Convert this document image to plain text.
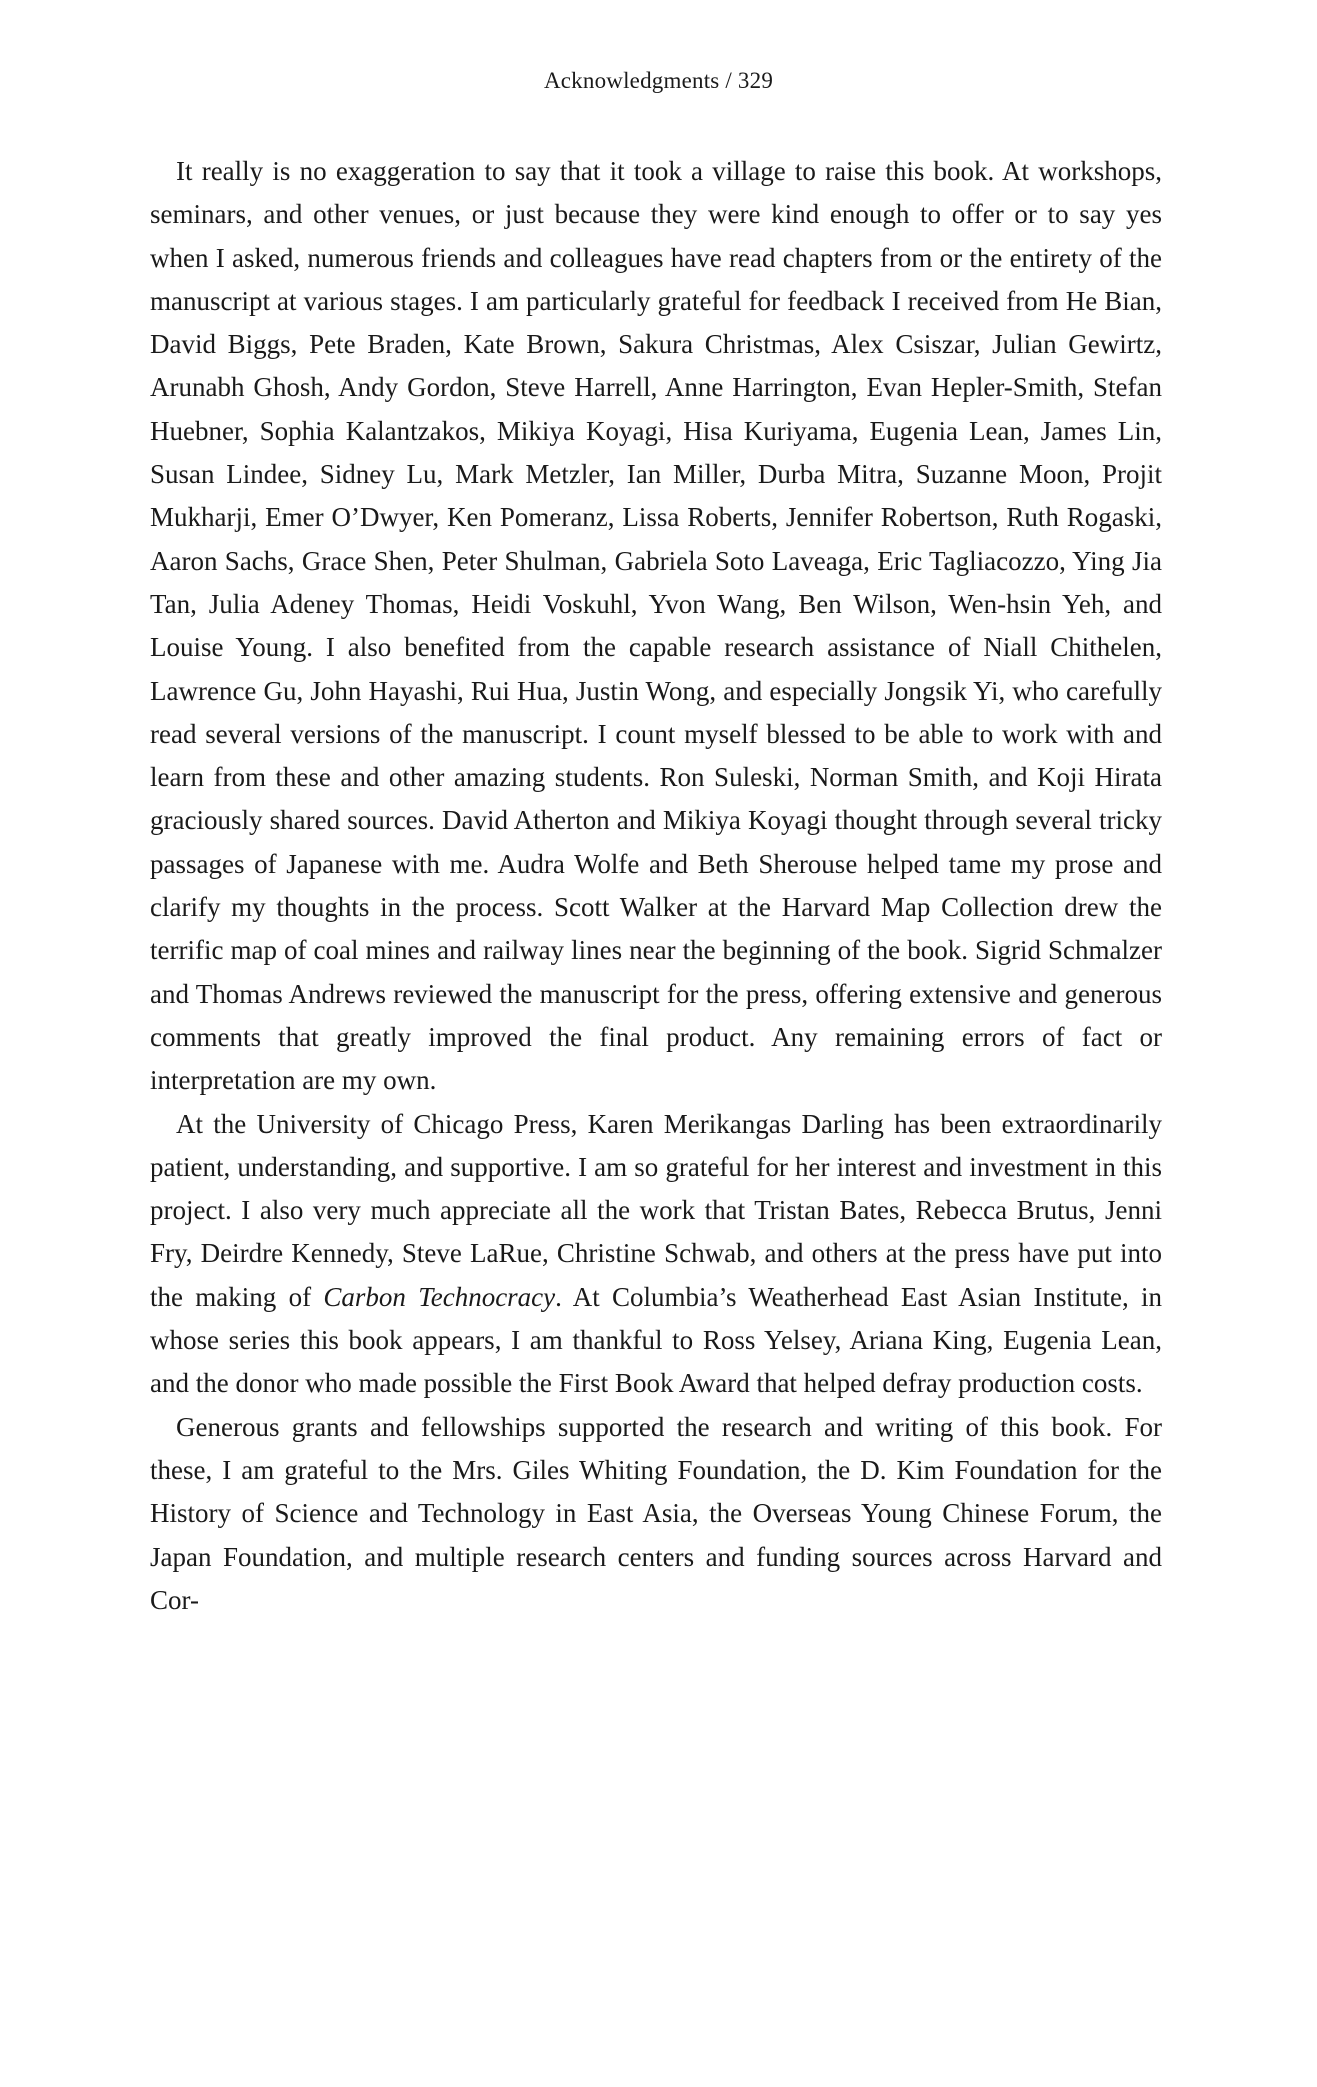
Acknowledgments / 329

It really is no exaggeration to say that it took a village to raise this book. At workshops, seminars, and other venues, or just because they were kind enough to offer or to say yes when I asked, numerous friends and colleagues have read chapters from or the entirety of the manuscript at various stages. I am particularly grateful for feedback I received from He Bian, David Biggs, Pete Braden, Kate Brown, Sakura Christmas, Alex Csiszar, Julian Gewirtz, Arunabh Ghosh, Andy Gordon, Steve Harrell, Anne Harrington, Evan Hepler-Smith, Stefan Huebner, Sophia Kalantzakos, Mikiya Koyagi, Hisa Kuriyama, Eugenia Lean, James Lin, Susan Lindee, Sidney Lu, Mark Metzler, Ian Miller, Durba Mitra, Suzanne Moon, Projit Mukharji, Emer O’Dwyer, Ken Pomeranz, Lissa Roberts, Jennifer Robertson, Ruth Rogaski, Aaron Sachs, Grace Shen, Peter Shulman, Gabriela Soto Laveaga, Eric Tagliacozzo, Ying Jia Tan, Julia Adeney Thomas, Heidi Voskuhl, Yvon Wang, Ben Wilson, Wen-hsin Yeh, and Louise Young. I also benefited from the capable research assistance of Niall Chithelen, Lawrence Gu, John Hayashi, Rui Hua, Justin Wong, and especially Jongsik Yi, who carefully read several versions of the manuscript. I count myself blessed to be able to work with and learn from these and other amazing students. Ron Suleski, Norman Smith, and Koji Hirata graciously shared sources. David Atherton and Mikiya Koyagi thought through several tricky passages of Japanese with me. Audra Wolfe and Beth Sherouse helped tame my prose and clarify my thoughts in the process. Scott Walker at the Harvard Map Collection drew the terrific map of coal mines and railway lines near the beginning of the book. Sigrid Schmalzer and Thomas Andrews reviewed the manuscript for the press, offering extensive and generous comments that greatly improved the final product. Any remaining errors of fact or interpretation are my own.

At the University of Chicago Press, Karen Merikangas Darling has been extraordinarily patient, understanding, and supportive. I am so grateful for her interest and investment in this project. I also very much appreciate all the work that Tristan Bates, Rebecca Brutus, Jenni Fry, Deirdre Kennedy, Steve LaRue, Christine Schwab, and others at the press have put into the making of Carbon Technocracy. At Columbia’s Weatherhead East Asian Institute, in whose series this book appears, I am thankful to Ross Yelsey, Ariana King, Eugenia Lean, and the donor who made possible the First Book Award that helped defray production costs.

Generous grants and fellowships supported the research and writing of this book. For these, I am grateful to the Mrs. Giles Whiting Foundation, the D. Kim Foundation for the History of Science and Technology in East Asia, the Overseas Young Chinese Forum, the Japan Foundation, and multiple research centers and funding sources across Harvard and Cor-
